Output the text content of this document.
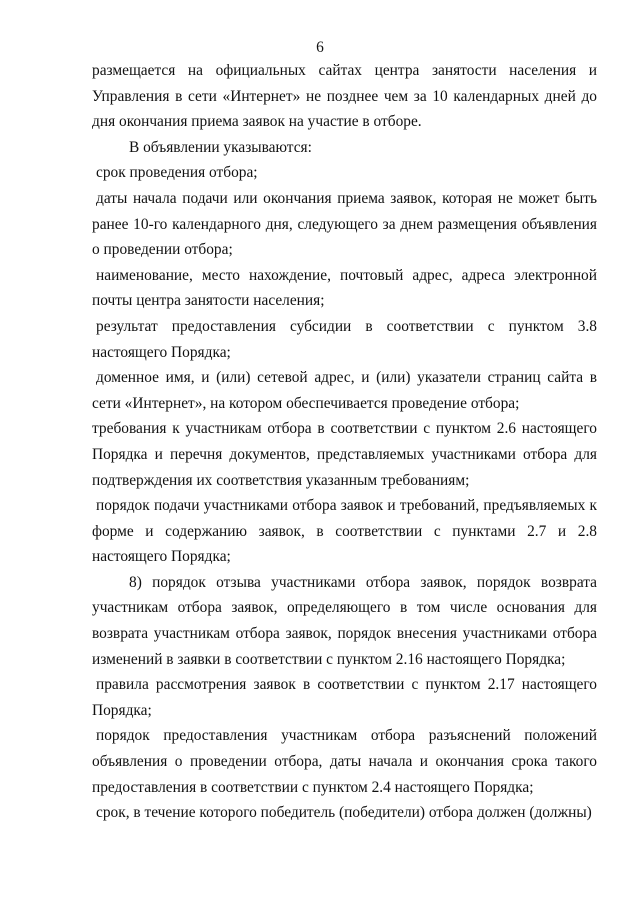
6

размещается на официальных сайтах центра занятости населения и Управления в сети «Интернет» не позднее чем за 10 календарных дней до дня окончания приема заявок на участие в отборе.

В объявлении указываются:

срок проведения отбора;

даты начала подачи или окончания приема заявок, которая не может быть ранее 10-го календарного дня, следующего за днем размещения объявления о проведении отбора;

наименование, место нахождение, почтовый адрес, адреса электронной почты центра занятости населения;

результат предоставления субсидии в соответствии с пунктом 3.8 настоящего Порядка;

доменное имя, и (или) сетевой адрес, и (или) указатели страниц сайта в сети «Интернет», на котором обеспечивается проведение отбора;

требования к участникам отбора в соответствии с пунктом 2.6 настоящего Порядка и перечня документов, представляемых участниками отбора для подтверждения их соответствия указанным требованиям;

порядок подачи участниками отбора заявок и требований, предъявляемых к форме и содержанию заявок, в соответствии с пунктами 2.7 и 2.8 настоящего Порядка;

8) порядок отзыва участниками отбора заявок, порядок возврата участникам отбора заявок, определяющего в том числе основания для возврата участникам отбора заявок, порядок внесения участниками отбора изменений в заявки в соответствии с пунктом 2.16 настоящего Порядка;

правила рассмотрения заявок в соответствии с пунктом 2.17 настоящего Порядка;

порядок предоставления участникам отбора разъяснений положений объявления о проведении отбора, даты начала и окончания срока такого предоставления в соответствии с пунктом 2.4 настоящего Порядка;

срок, в течение которого победитель (победители) отбора должен (должны)
